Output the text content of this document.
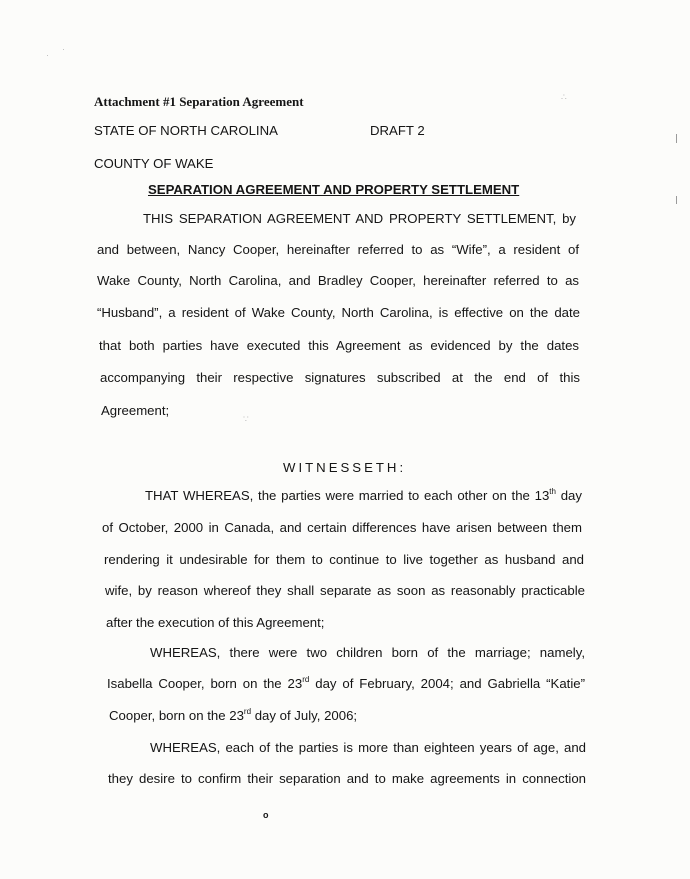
·
·
∴
∵
Attachment #1 Separation Agreement
STATE OF NORTH CAROLINA	DRAFT 2
COUNTY OF WAKE
SEPARATION AGREEMENT AND PROPERTY SETTLEMENT
THIS SEPARATION AGREEMENT AND PROPERTY SETTLEMENT, by
and between, Nancy Cooper, hereinafter referred to as “Wife”, a resident of
Wake County, North Carolina, and Bradley Cooper, hereinafter referred to as
“Husband”, a resident of Wake County, North Carolina, is effective on the date
that both parties have executed this Agreement as evidenced by the dates
accompanying their respective signatures subscribed at the end of this
Agreement;
WITNESSETH:
THAT WHEREAS, the parties were married to each other on the 13th day
of October, 2000 in Canada, and certain differences have arisen between them
rendering it undesirable for them to continue to live together as husband and
wife, by reason whereof they shall separate as soon as reasonably practicable
after the execution of this Agreement;
WHEREAS, there were two children born of the marriage; namely,
Isabella Cooper, born on the 23rd day of February, 2004; and Gabriella “Katie”
Cooper, born on the 23rd day of July, 2006;
WHEREAS, each of the parties is more than eighteen years of age, and
they desire to confirm their separation and to make agreements in connection
o
